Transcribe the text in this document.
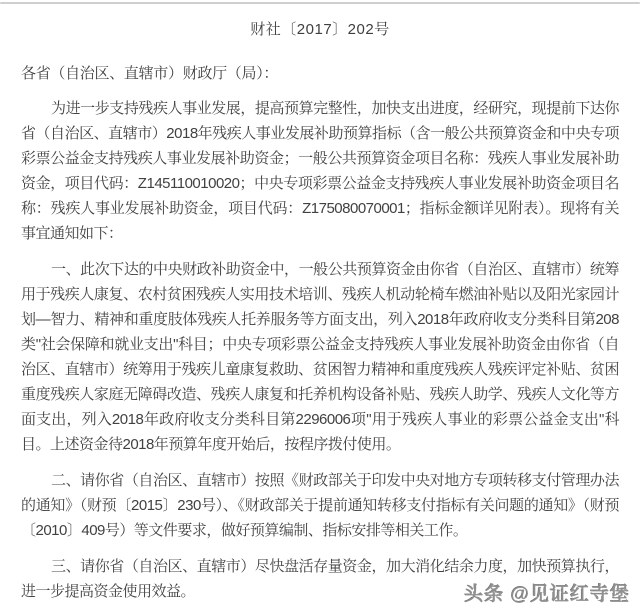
财社〔2017〕202号

各省（自治区、直辖市）财政厅（局）：

为进一步支持残疾人事业发展，提高预算完整性，加快支出进度，经研究，现提前下达你省（自治区、直辖市）2018年残疾人事业发展补助预算指标（含一般公共预算资金和中央专项彩票公益金支持残疾人事业发展补助资金；一般公共预算资金项目名称：残疾人事业发展补助资金，项目代码：Z145110010020；中央专项彩票公益金支持残疾人事业发展补助资金项目名称：残疾人事业发展补助资金，项目代码：Z175080070001；指标金额详见附表）。现将有关事宜通知如下：

一、此次下达的中央财政补助资金中，一般公共预算资金由你省（自治区、直辖市）统筹用于残疾人康复、农村贫困残疾人实用技术培训、残疾人机动轮椅车燃油补贴以及阳光家园计划—智力、精神和重度肢体残疾人托养服务等方面支出，列入2018年政府收支分类科目第208类"社会保障和就业支出"科目；中央专项彩票公益金支持残疾人事业发展补助资金由你省（自治区、直辖市）统筹用于残疾儿童康复救助、贫困智力精神和重度残疾人残疾评定补贴、贫困重度残疾人家庭无障碍改造、残疾人康复和托养机构设备补贴、残疾人助学、残疾人文化等方面支出，列入2018年政府收支分类科目第2296006项"用于残疾人事业的彩票公益金支出"科目。上述资金待2018年预算年度开始后，按程序拨付使用。

二、请你省（自治区、直辖市）按照《财政部关于印发中央对地方专项转移支付管理办法的通知》（财预〔2015〕230号）、《财政部关于提前通知转移支付指标有关问题的通知》（财预〔2010〕409号）等文件要求，做好预算编制、指标安排等相关工作。

三、请你省（自治区、直辖市）尽快盘活存量资金，加大消化结余力度，加快预算执行，进一步提高资金使用效益。	头条 @见证红寺堡
